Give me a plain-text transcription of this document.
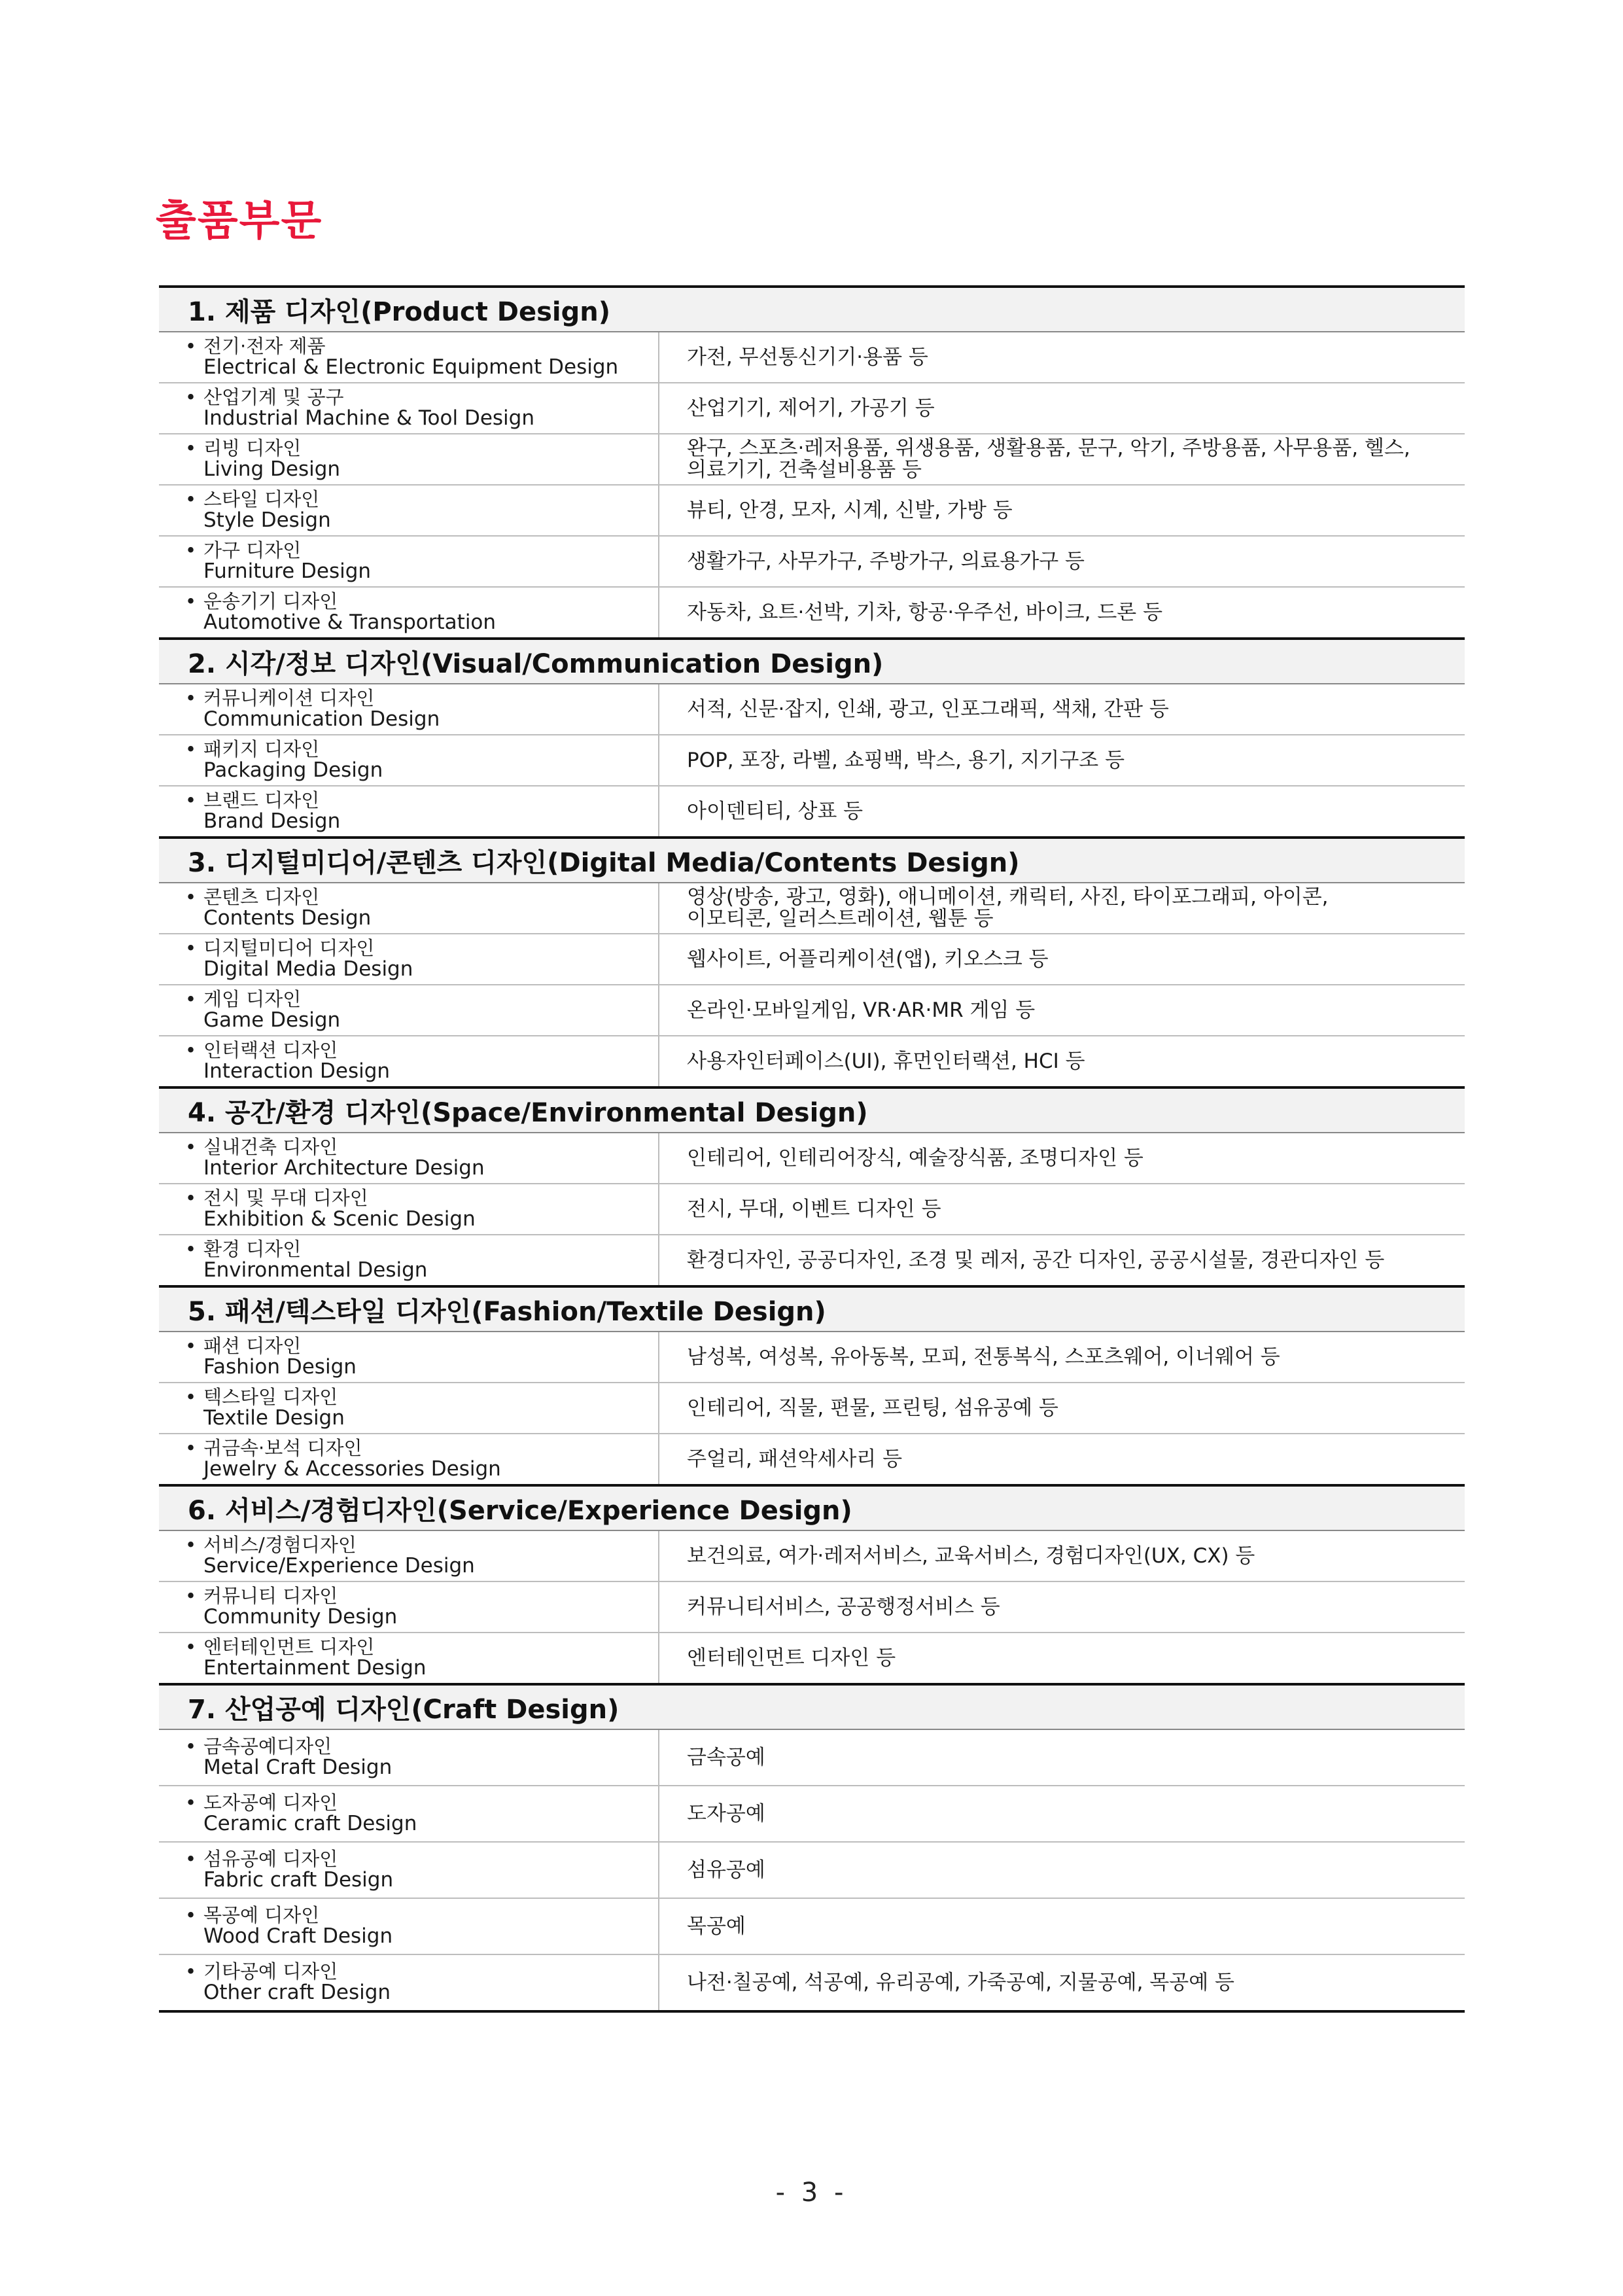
출품부문
1. 제품 디자인(Product Design)	

• 전기·전자 제품
Electrical & Electronic Equipment Design	가전, 무선통신기기·용품 등

• 산업기계 및 공구
Industrial Machine & Tool Design	산업기기, 제어기, 가공기 등

• 리빙 디자인
Living Design	완구, 스포츠·레저용품, 위생용품, 생활용품, 문구, 악기, 주방용품, 사무용품, 헬스,
의료기기, 건축설비용품 등

• 스타일 디자인
Style Design	뷰티, 안경, 모자, 시계, 신발, 가방 등

• 가구 디자인
Furniture Design	생활가구, 사무가구, 주방가구, 의료용가구 등

• 운송기기 디자인
Automotive & Transportation	자동차, 요트·선박, 기차, 항공·우주선, 바이크, 드론 등

2. 시각/정보 디자인(Visual/Communication Design)	

• 커뮤니케이션 디자인
Communication Design	서적, 신문·잡지, 인쇄, 광고, 인포그래픽, 색채, 간판 등

• 패키지 디자인
Packaging Design	POP, 포장, 라벨, 쇼핑백, 박스, 용기, 지기구조 등

• 브랜드 디자인
Brand Design	아이덴티티, 상표 등

3. 디지털미디어/콘텐츠 디자인(Digital Media/Contents Design)	

• 콘텐츠 디자인
Contents Design	영상(방송, 광고, 영화), 애니메이션, 캐릭터, 사진, 타이포그래피, 아이콘,
이모티콘, 일러스트레이션, 웹툰 등

• 디지털미디어 디자인
Digital Media Design	웹사이트, 어플리케이션(앱), 키오스크 등

• 게임 디자인
Game Design	온라인·모바일게임, VR·AR·MR 게임 등

• 인터랙션 디자인
Interaction Design	사용자인터페이스(UI), 휴먼인터랙션, HCI 등

4. 공간/환경 디자인(Space/Environmental Design)	

• 실내건축 디자인
Interior Architecture Design	인테리어, 인테리어장식, 예술장식품, 조명디자인 등

• 전시 및 무대 디자인
Exhibition & Scenic Design	전시, 무대, 이벤트 디자인 등

• 환경 디자인
Environmental Design	환경디자인, 공공디자인, 조경 및 레저, 공간 디자인, 공공시설물, 경관디자인 등

5. 패션/텍스타일 디자인(Fashion/Textile Design)	

• 패션 디자인
Fashion Design	남성복, 여성복, 유아동복, 모피, 전통복식, 스포츠웨어, 이너웨어 등

• 텍스타일 디자인
Textile Design	인테리어, 직물, 편물, 프린팅, 섬유공예 등

• 귀금속·보석 디자인
Jewelry & Accessories Design	주얼리, 패션악세사리 등

6. 서비스/경험디자인(Service/Experience Design)	

• 서비스/경험디자인
Service/Experience Design	보건의료, 여가·레저서비스, 교육서비스, 경험디자인(UX, CX) 등

• 커뮤니티 디자인
Community Design	커뮤니티서비스, 공공행정서비스 등

• 엔터테인먼트 디자인
Entertainment Design	엔터테인먼트 디자인 등

7. 산업공예 디자인(Craft Design)	

• 금속공예디자인
Metal Craft Design	금속공예

• 도자공예 디자인
Ceramic craft Design	도자공예

• 섬유공예 디자인
Fabric craft Design	섬유공예

• 목공예 디자인
Wood Craft Design	목공예

• 기타공예 디자인
Other craft Design	나전·칠공예, 석공예, 유리공예, 가죽공예, 지물공예, 목공예 등
- 3 -
